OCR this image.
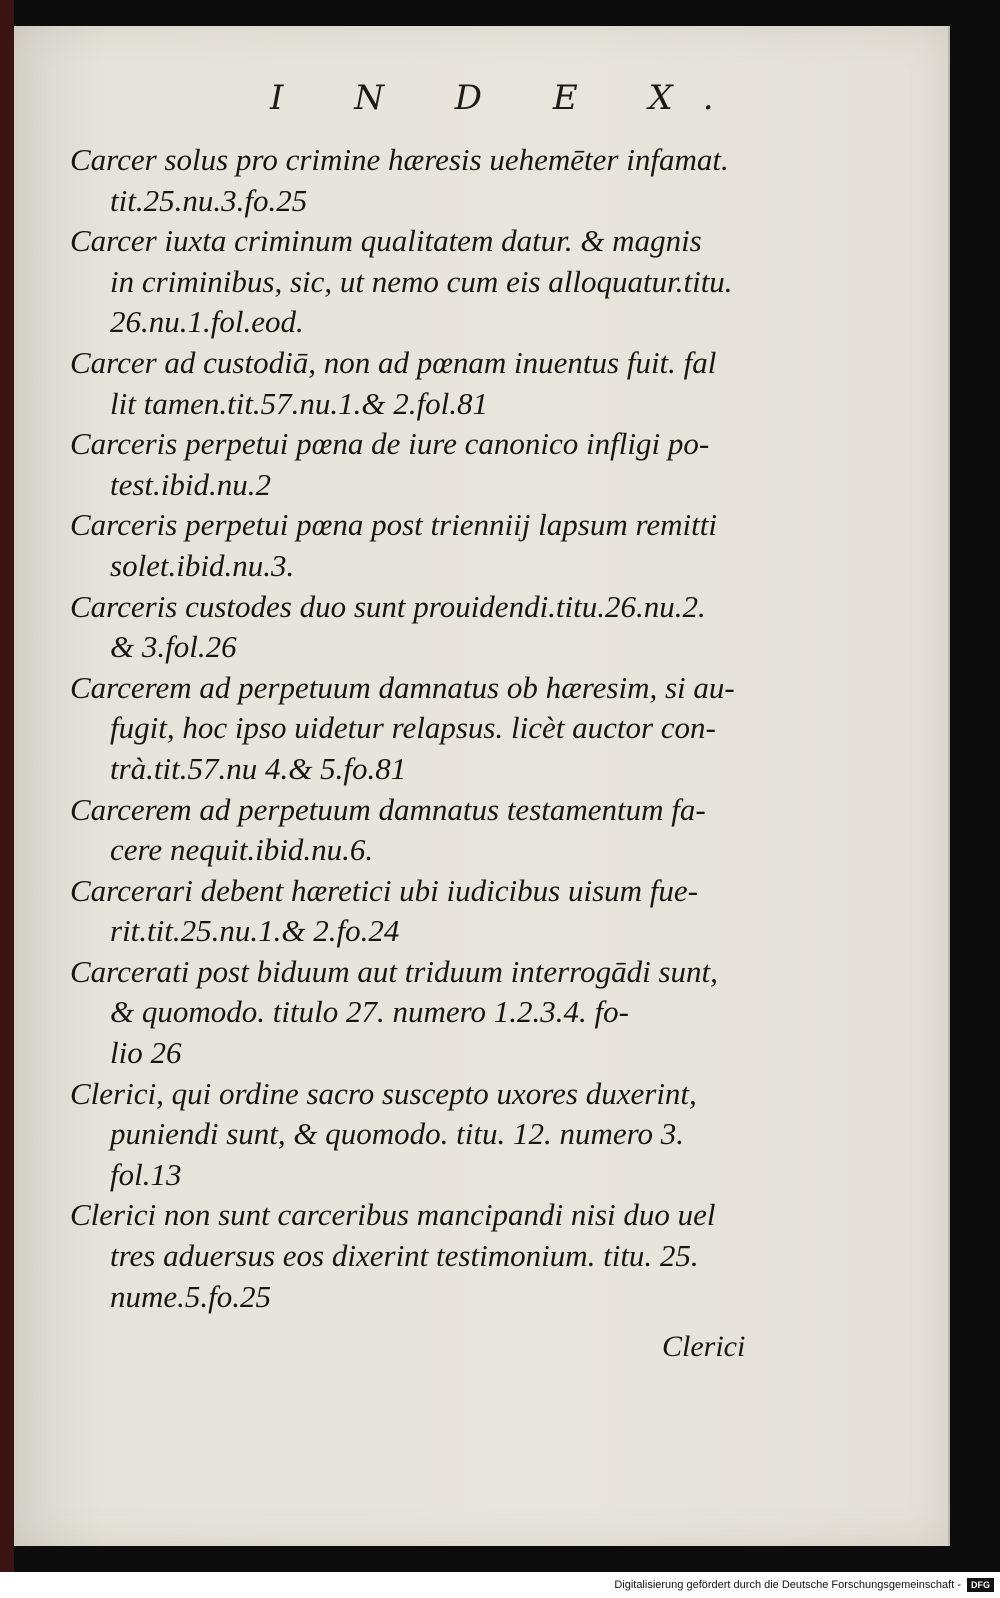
I N D E X.
Carcer solus pro crimine hæresis uehemēter infamat.
tit.25.nu.3.fo.25
Carcer iuxta criminum qualitatem datur. & magnis
in criminibus, sic, ut nemo cum eis alloquatur.titu.
26.nu.1.fol.eod.
Carcer ad custodiā, non ad pœnam inuentus fuit. fal
lit tamen.tit.57.nu.1.& 2.fol.81
Carceris perpetui pœna de iure canonico infligi po-
test.ibid.nu.2
Carceris perpetui pœna post trienniij lapsum remitti
solet.ibid.nu.3.
Carceris custodes duo sunt prouidendi.titu.26.nu.2.
& 3.fol.26
Carcerem ad perpetuum damnatus ob hæresim, si au-
fugit, hoc ipso uidetur relapsus. licèt auctor con-
trà.tit.57.nu 4.& 5.fo.81
Carcerem ad perpetuum damnatus testamentum fa-
cere nequit.ibid.nu.6.
Carcerari debent hæretici ubi iudicibus uisum fue-
rit.tit.25.nu.1.& 2.fo.24
Carcerati post biduum aut triduum interrogādi sunt,
& quomodo. titulo 27. numero 1.2.3.4. fo-
lio 26
Clerici, qui ordine sacro suscepto uxores duxerint,
puniendi sunt, & quomodo. titu. 12. numero 3.
fol.13
Clerici non sunt carceribus mancipandi nisi duo uel
tres aduersus eos dixerint testimonium. titu. 25.
nume.5.fo.25
Clerici
Digitalisierung gefördert durch die Deutsche Forschungsgemeinschaft -	DFG
